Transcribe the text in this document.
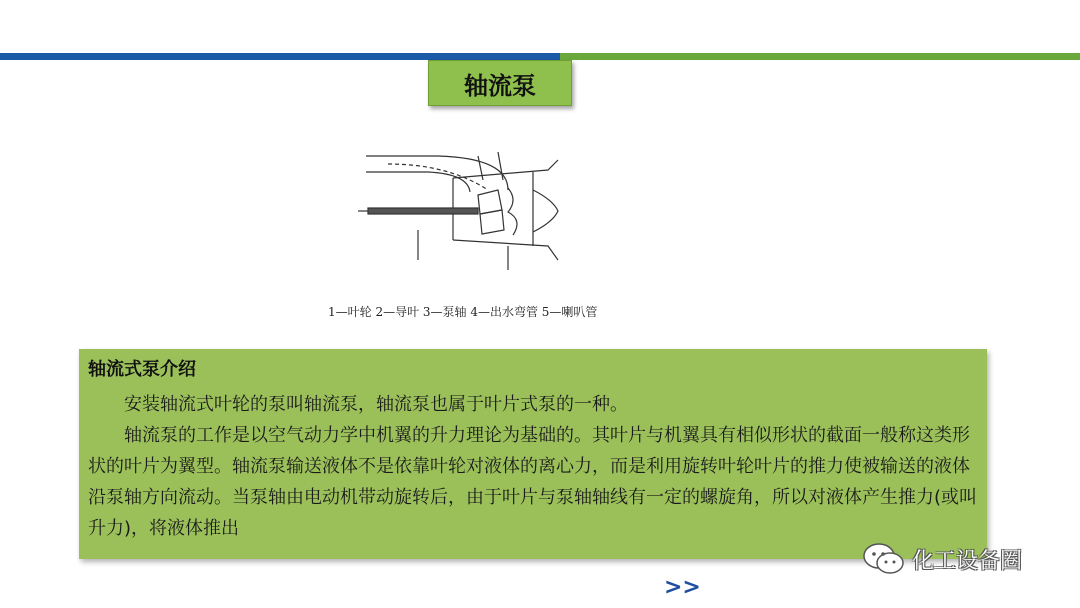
轴流泵
1—叶轮 2—导叶 3—泵轴 4—出水弯管 5—喇叭管
轴流式泵介绍

安装轴流式叶轮的泵叫轴流泵，轴流泵也属于叶片式泵的一种。

轴流泵的工作是以空气动力学中机翼的升力理论为基础的。其叶片与机翼具有相似形状的截面一般称这类形状的叶片为翼型。轴流泵输送液体不是依靠叶轮对液体的离心力，而是利用旋转叶轮叶片的推力使被输送的液体沿泵轴方向流动。当泵轴由电动机带动旋转后，由于叶片与泵轴轴线有一定的螺旋角，所以对液体产生推力(或叫升力)，将液体推出

>>
化工设备圈
